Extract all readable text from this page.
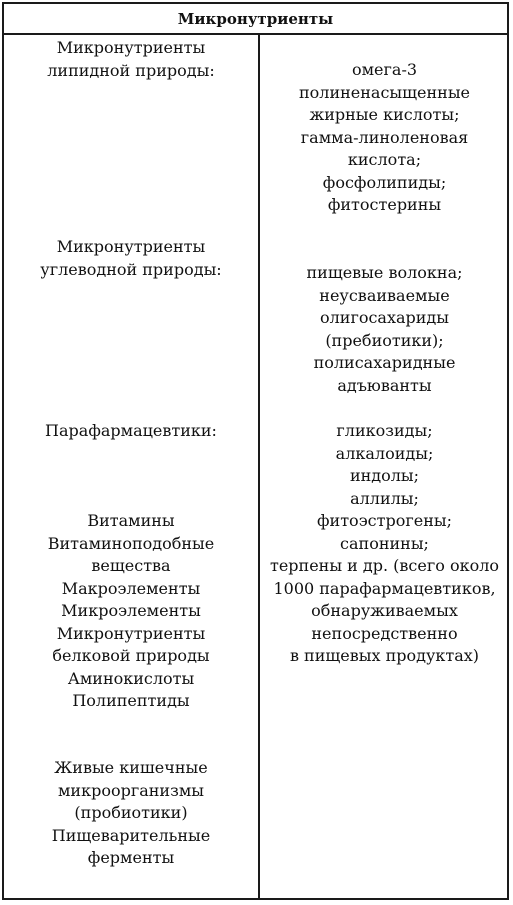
Микронутриенты
Микронутриенты
липидной природы:
Микронутриенты
углеводной природы:
Парафармацевтики:
Витамины
Витаминоподобные
вещества
Макроэлементы
Микроэлементы
Микронутриенты
белковой природы
Аминокислоты
Полипептиды
Живые кишечные
микроорганизмы
(пробиотики)
Пищеварительные
ферменты
омега-3
полиненасыщенные
жирные кислоты;
гамма-линоленовая
кислота;
фосфолипиды;
фитостерины
пищевые волокна;
неусваиваемые
олигосахариды
(пребиотики);
полисахаридные
адъюванты
гликозиды;
алкалоиды;
индолы;
аллилы;
фитоэстрогены;
сапонины;
терпены и др. (всего около
1000 парафармацевтиков,
обнаруживаемых
непосредственно
в пищевых продуктах)
